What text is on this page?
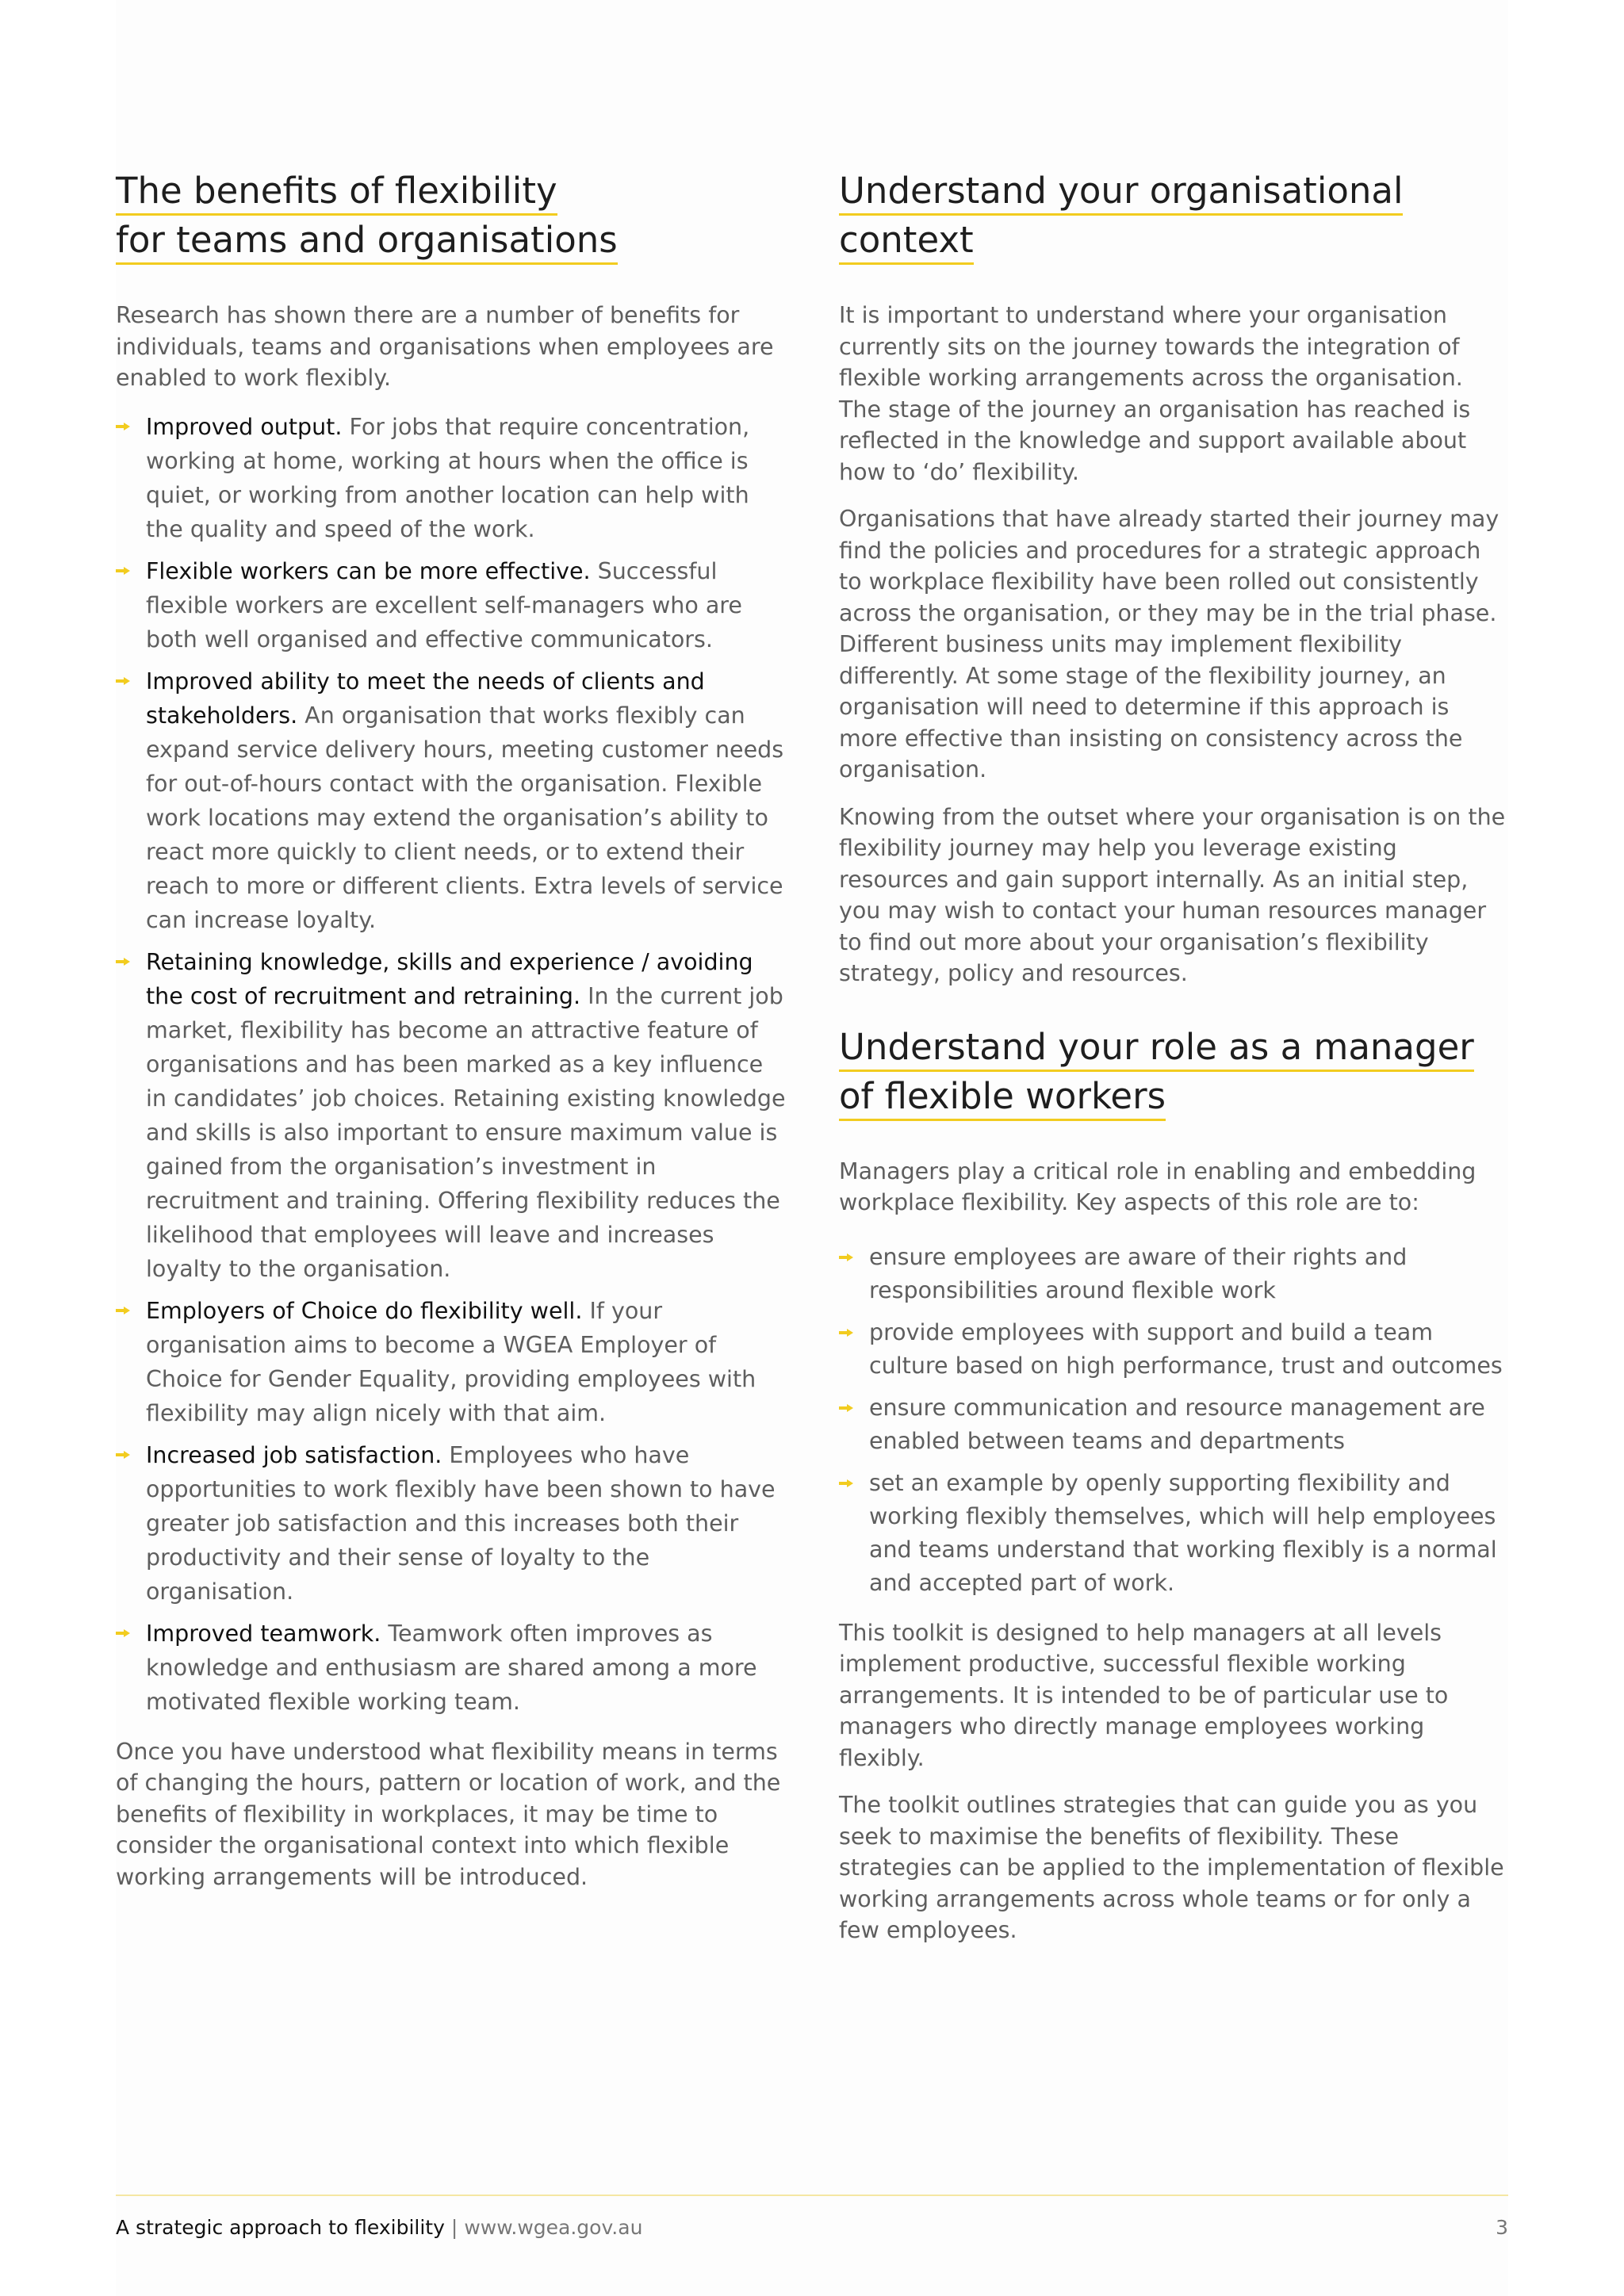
The benefits of flexibility
for teams and organisations

Research has shown there are a number of benefits for individuals, teams and organisations when employees are enabled to work flexibly.

Improved output. For jobs that require concentration, working at home, working at hours when the office is quiet, or working from another location can help with the quality and speed of the work.
Flexible workers can be more effective. Successful flexible workers are excellent self-managers who are both well organised and effective communicators.
Improved ability to meet the needs of clients and stakeholders. An organisation that works flexibly can expand service delivery hours, meeting customer needs for out-of-hours contact with the organisation. Flexible work locations may extend the organisation’s ability to react more quickly to client needs, or to extend their reach to more or different clients. Extra levels of service can increase loyalty.
Retaining knowledge, skills and experience / avoiding the cost of recruitment and retraining. In the current job market, flexibility has become an attractive feature of organisations and has been marked as a key influence in candidates’ job choices. Retaining existing knowledge and skills is also important to ensure maximum value is gained from the organisation’s investment in recruitment and training. Offering flexibility reduces the likelihood that employees will leave and increases loyalty to the organisation.
Employers of Choice do flexibility well. If your organisation aims to become a WGEA Employer of Choice for Gender Equality, providing employees with flexibility may align nicely with that aim.
Increased job satisfaction. Employees who have opportunities to work flexibly have been shown to have greater job satisfaction and this increases both their productivity and their sense of loyalty to the organisation.
Improved teamwork. Teamwork often improves as knowledge and enthusiasm are shared among a more motivated flexible working team.

Once you have understood what flexibility means in terms of changing the hours, pattern or location of work, and the benefits of flexibility in workplaces, it may be time to consider the organisational context into which flexible working arrangements will be introduced.

Understand your organisational context

It is important to understand where your organisation currently sits on the journey towards the integration of flexible working arrangements across the organisation. The stage of the journey an organisation has reached is reflected in the knowledge and support available about how to ‘do’ flexibility.

Organisations that have already started their journey may find the policies and procedures for a strategic approach to workplace flexibility have been rolled out consistently across the organisation, or they may be in the trial phase. Different business units may implement flexibility differently. At some stage of the flexibility journey, an organisation will need to determine if this approach is more effective than insisting on consistency across the organisation.

Knowing from the outset where your organisation is on the flexibility journey may help you leverage existing resources and gain support internally. As an initial step, you may wish to contact your human resources manager to find out more about your organisation’s flexibility strategy, policy and resources.

Understand your role as a manager
of flexible workers

Managers play a critical role in enabling and embedding workplace flexibility. Key aspects of this role are to:

ensure employees are aware of their rights and responsibilities around flexible work
provide employees with support and build a team culture based on high performance, trust and outcomes
ensure communication and resource management are enabled between teams and departments
set an example by openly supporting flexibility and working flexibly themselves, which will help employees and teams understand that working flexibly is a normal and accepted part of work.

This toolkit is designed to help managers at all levels implement productive, successful flexible working arrangements. It is intended to be of particular use to managers who directly manage employees working flexibly.

The toolkit outlines strategies that can guide you as you seek to maximise the benefits of flexibility. These strategies can be applied to the implementation of flexible working arrangements across whole teams or for only a few employees.

A strategic approach to flexibility | www.wgea.gov.au	3
